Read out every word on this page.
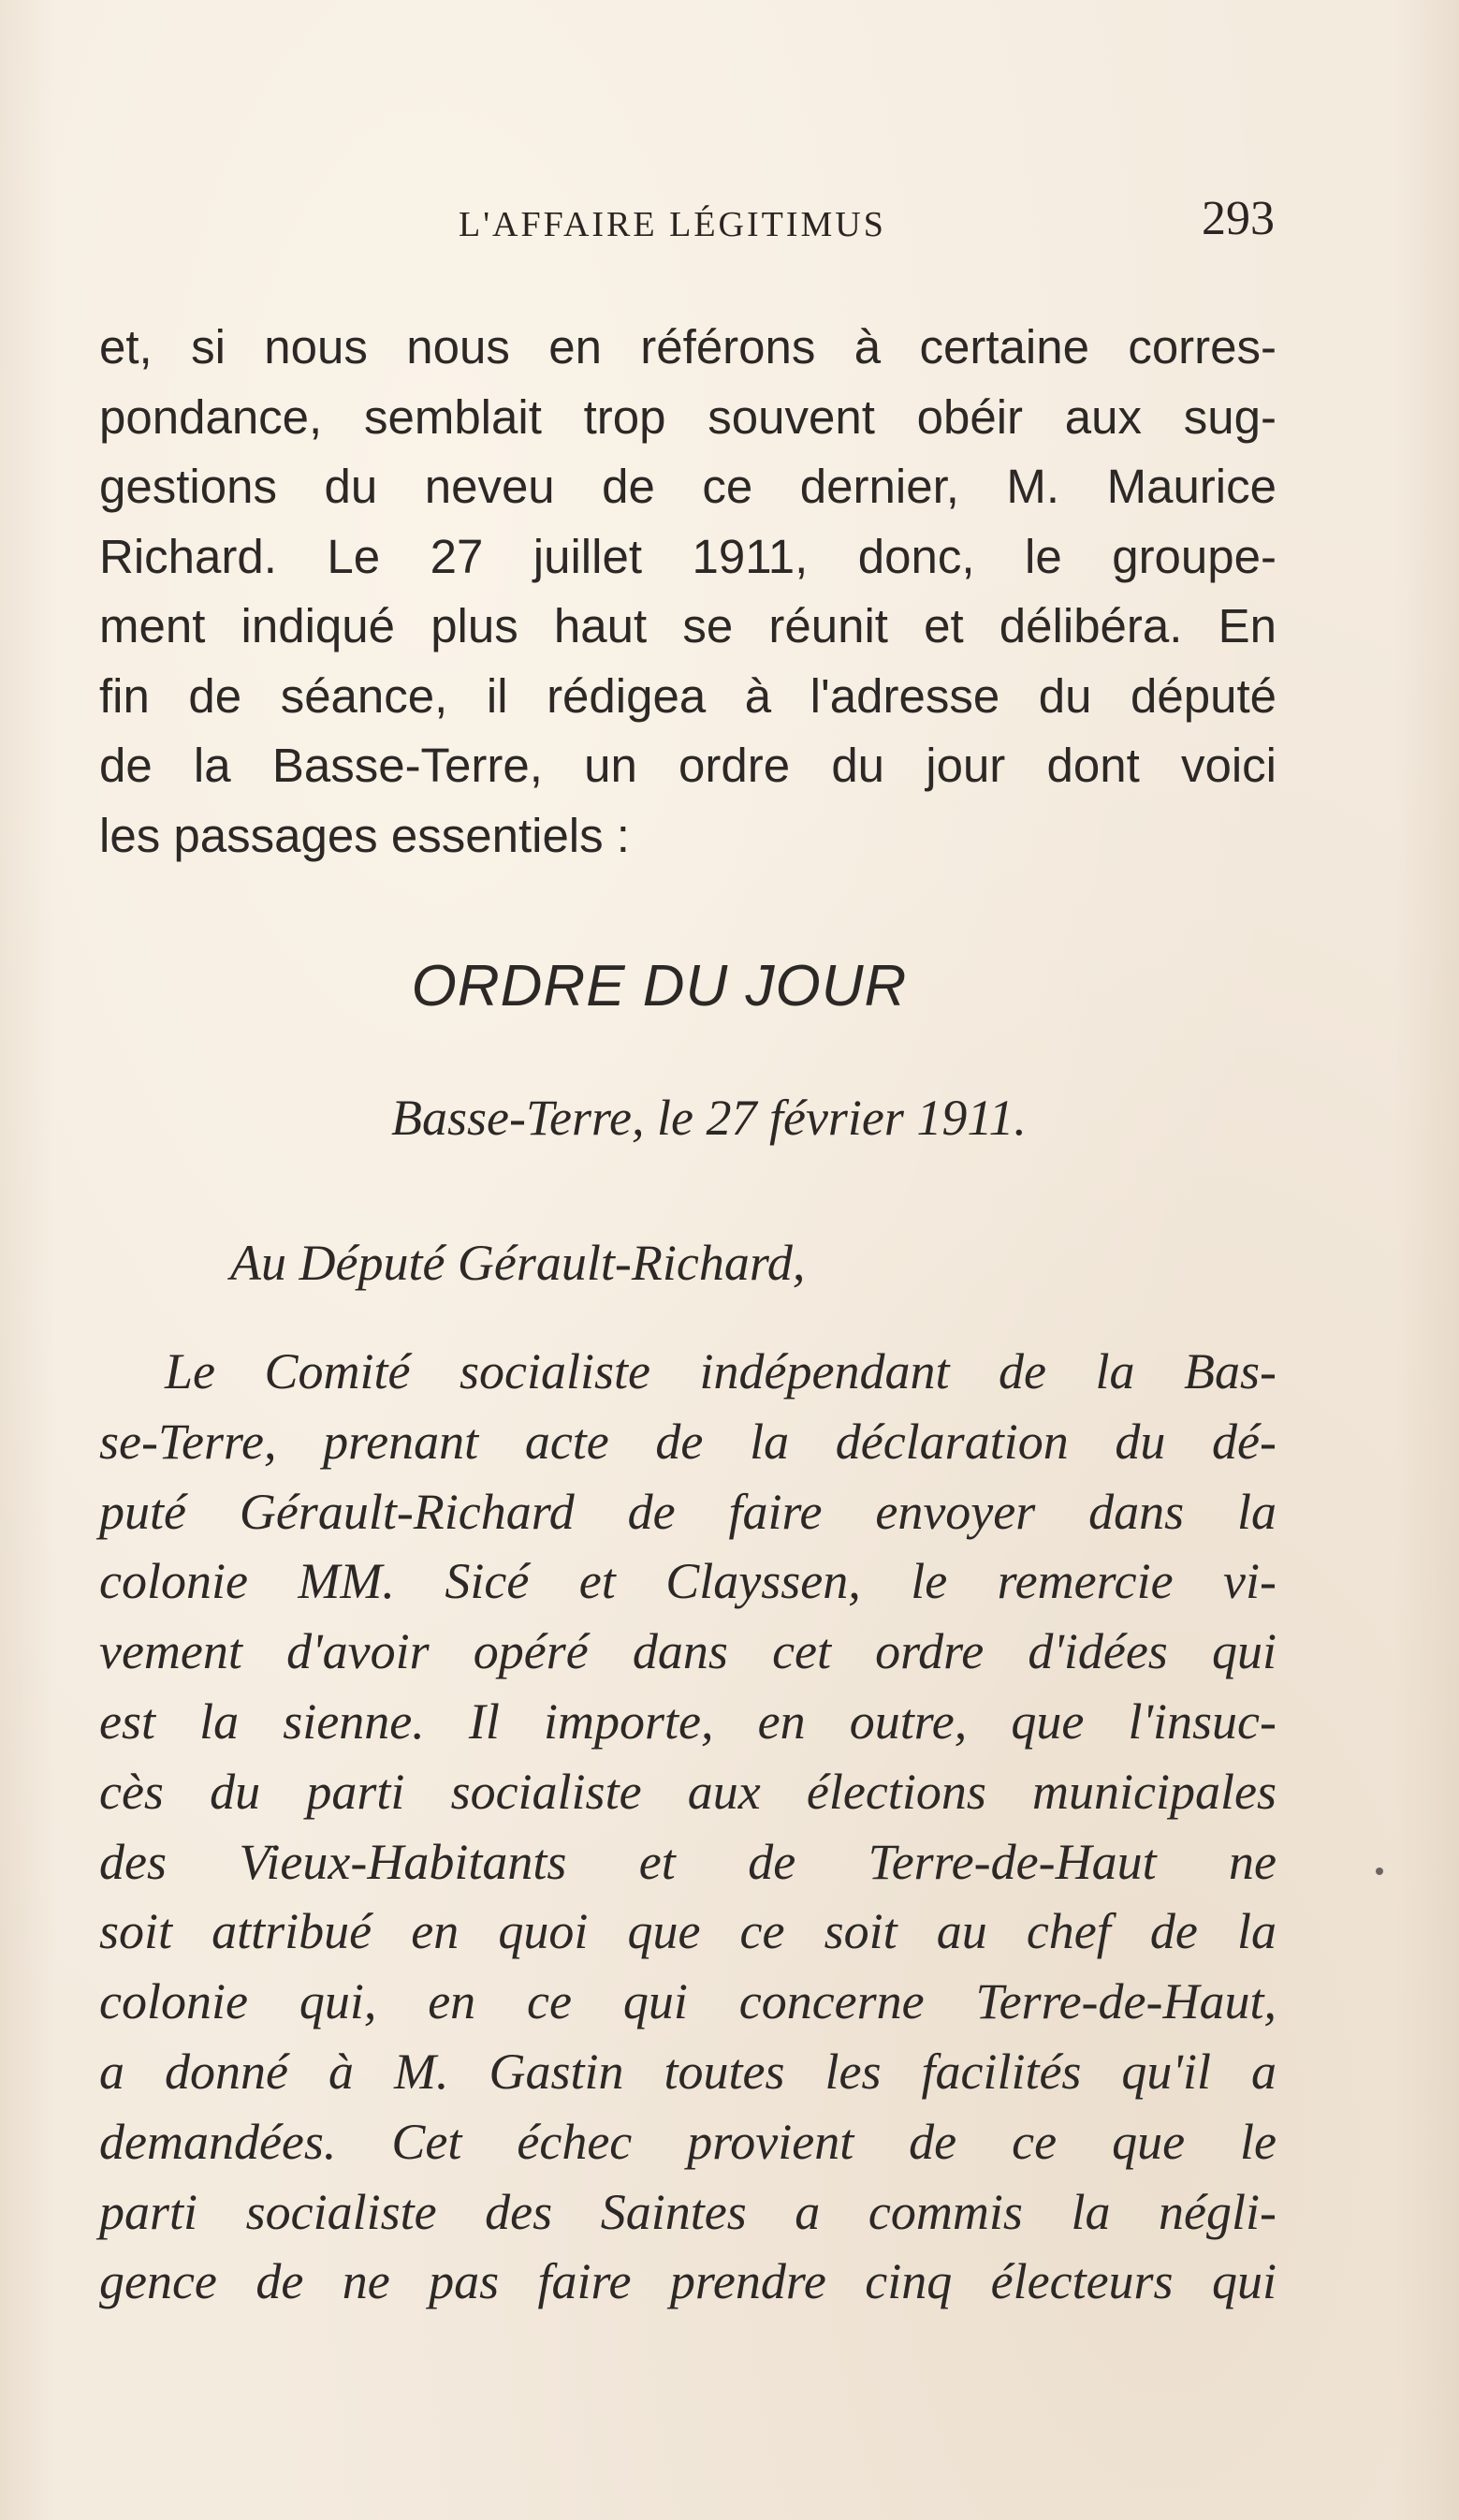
L'AFFAIRE LÉGITIMUS	293
et, si nous nous en référons à certaine corres-
pondance, semblait trop souvent obéir aux sug-
gestions du neveu de ce dernier, M. Maurice
Richard. Le 27 juillet 1911, donc, le groupe-
ment indiqué plus haut se réunit et délibéra. En
fin de séance, il rédigea à l'adresse du député
de la Basse-Terre, un ordre du jour dont voici
les passages essentiels :
ORDRE DU JOUR
Basse-Terre, le 27 février 1911.
Au Député Gérault-Richard,
Le Comité socialiste indépendant de la Bas-
se-Terre, prenant acte de la déclaration du dé-
puté Gérault-Richard de faire envoyer dans la
colonie MM. Sicé et Clayssen, le remercie vi-
vement d'avoir opéré dans cet ordre d'idées qui
est la sienne. Il importe, en outre, que l'insuc-
cès du parti socialiste aux élections municipales
des Vieux-Habitants et de Terre-de-Haut ne
soit attribué en quoi que ce soit au chef de la
colonie qui, en ce qui concerne Terre-de-Haut,
a donné à M. Gastin toutes les facilités qu'il a
demandées. Cet échec provient de ce que le
parti socialiste des Saintes a commis la négli-
gence de ne pas faire prendre cinq électeurs qui
